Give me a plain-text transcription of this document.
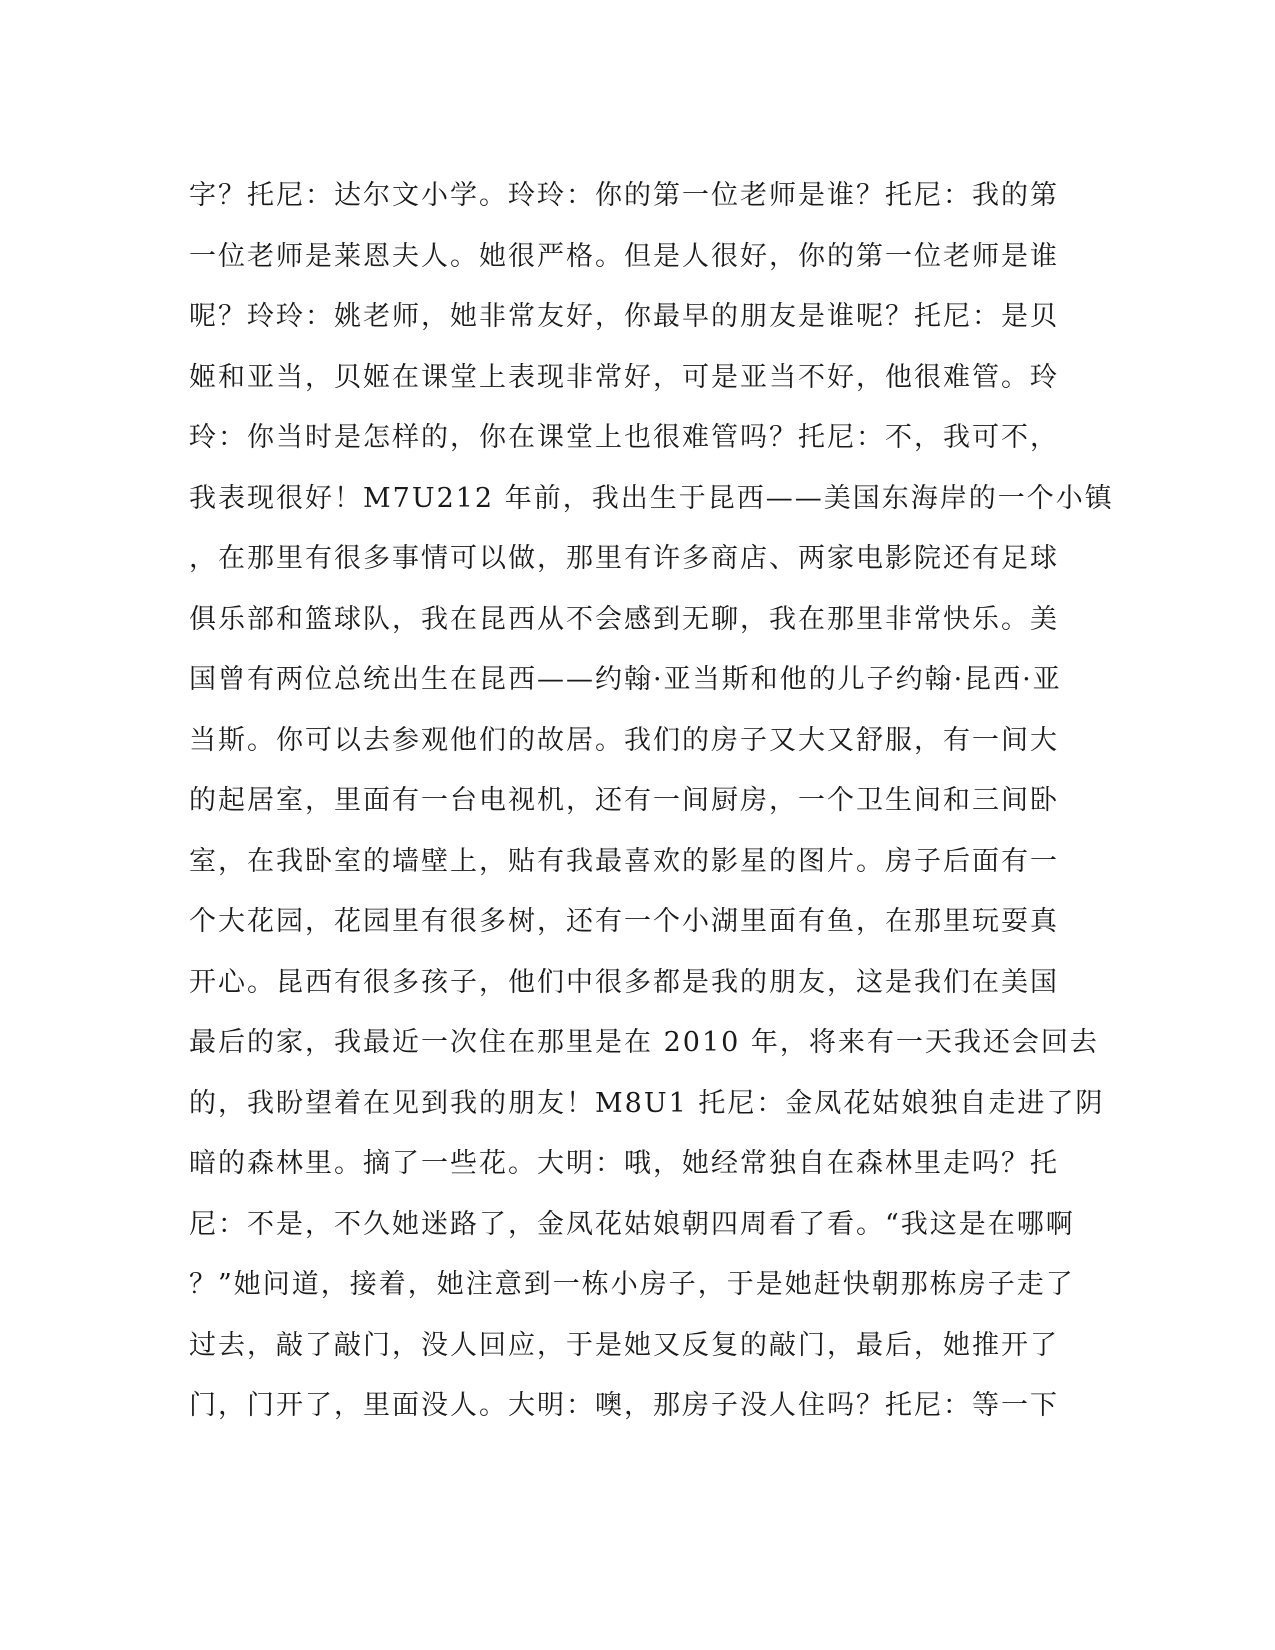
字？托尼：达尔文小学。玲玲：你的第一位老师是谁？托尼：我的第
一位老师是莱恩夫人。她很严格。但是人很好，你的第一位老师是谁
呢？玲玲：姚老师，她非常友好，你最早的朋友是谁呢？托尼：是贝
姬和亚当，贝姬在课堂上表现非常好，可是亚当不好，他很难管。玲
玲：你当时是怎样的，你在课堂上也很难管吗？托尼：不，我可不，
我表现很好！M7U212 年前，我出生于昆西——美国东海岸的一个小镇
，在那里有很多事情可以做，那里有许多商店、两家电影院还有足球
俱乐部和篮球队，我在昆西从不会感到无聊，我在那里非常快乐。美
国曾有两位总统出生在昆西——约翰·亚当斯和他的儿子约翰·昆西·亚
当斯。你可以去参观他们的故居。我们的房子又大又舒服，有一间大
的起居室，里面有一台电视机，还有一间厨房，一个卫生间和三间卧
室，在我卧室的墙壁上，贴有我最喜欢的影星的图片。房子后面有一
个大花园，花园里有很多树，还有一个小湖里面有鱼，在那里玩耍真
开心。昆西有很多孩子，他们中很多都是我的朋友，这是我们在美国
最后的家，我最近一次住在那里是在 2010 年，将来有一天我还会回去
的，我盼望着在见到我的朋友！M8U1 托尼：金凤花姑娘独自走进了阴
暗的森林里。摘了一些花。大明：哦，她经常独自在森林里走吗？托
尼：不是，不久她迷路了，金凤花姑娘朝四周看了看。“我这是在哪啊
？”她问道，接着，她注意到一栋小房子，于是她赶快朝那栋房子走了
过去，敲了敲门，没人回应，于是她又反复的敲门，最后，她推开了
门，门开了，里面没人。大明：噢，那房子没人住吗？托尼：等一下
